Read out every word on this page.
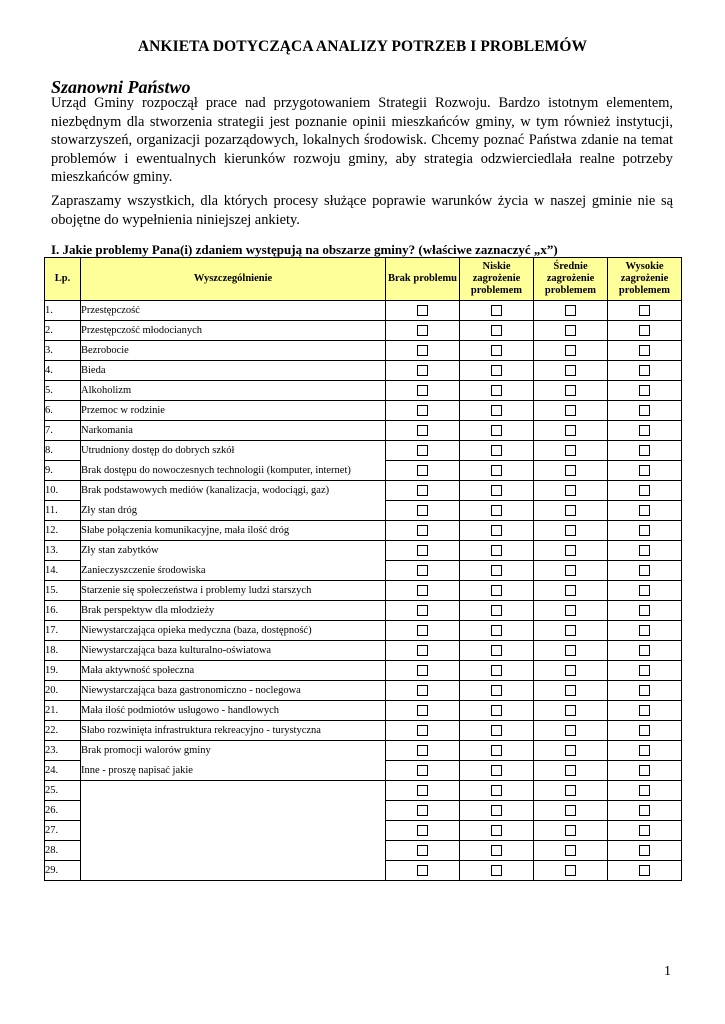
ANKIETA DOTYCZĄCA ANALIZY POTRZEB I PROBLEMÓW
Szanowni Państwo
Urząd Gminy rozpoczął prace nad przygotowaniem Strategii Rozwoju. Bardzo istotnym elementem, niezbędnym dla stworzenia strategii jest poznanie opinii mieszkańców gminy, w tym również instytucji, stowarzyszeń, organizacji pozarządowych, lokalnych środowisk. Chcemy poznać Państwa zdanie na temat problemów i ewentualnych kierunków rozwoju gminy, aby strategia odzwierciedlała realne potrzeby mieszkańców gminy.
Zapraszamy wszystkich, dla których procesy służące poprawie warunków życia w naszej gminie nie są obojętne do wypełnienia niniejszej ankiety.
I. Jakie problemy Pana(i) zdaniem występują na obszarze gminy? (właściwe zaznaczyć „x”)
Lp.	Wyszczególnienie	Brak problemu	Niskie zagrożenie problemem	Średnie zagrożenie problemem	Wysokie zagrożenie problemem
1.	Przestępczość				
2.	Przestępczość młodocianych				
3.	Bezrobocie				
4.	Bieda				
5.	Alkoholizm				
6.	Przemoc w rodzinie				
7.	Narkomania				
8.	Utrudniony dostęp do dobrych szkół				
9.	Brak dostępu do nowoczesnych technologii (komputer, internet)				
10.	Brak podstawowych mediów (kanalizacja, wodociągi, gaz)				
11.	Zły stan dróg				
12.	Słabe połączenia komunikacyjne, mała ilość dróg				
13.	Zły stan zabytków				
14.	Zanieczyszczenie środowiska				
15.	Starzenie się społeczeństwa i problemy ludzi starszych				
16.	Brak perspektyw dla młodzieży				
17.	Niewystarczająca opieka medyczna (baza, dostępność)				
18.	Niewystarczająca baza kulturalno-oświatowa				
19.	Mała aktywność społeczna				
20.	Niewystarczająca baza gastronomiczno - noclegowa				
21.	Mała ilość podmiotów usługowo - handlowych				
22.	Słabo rozwinięta infrastruktura rekreacyjno - turystyczna				
23.	Brak promocji walorów gminy				
24.	Inne - proszę napisać jakie				
25.					
26.					
27.					
28.					
29.					
1
